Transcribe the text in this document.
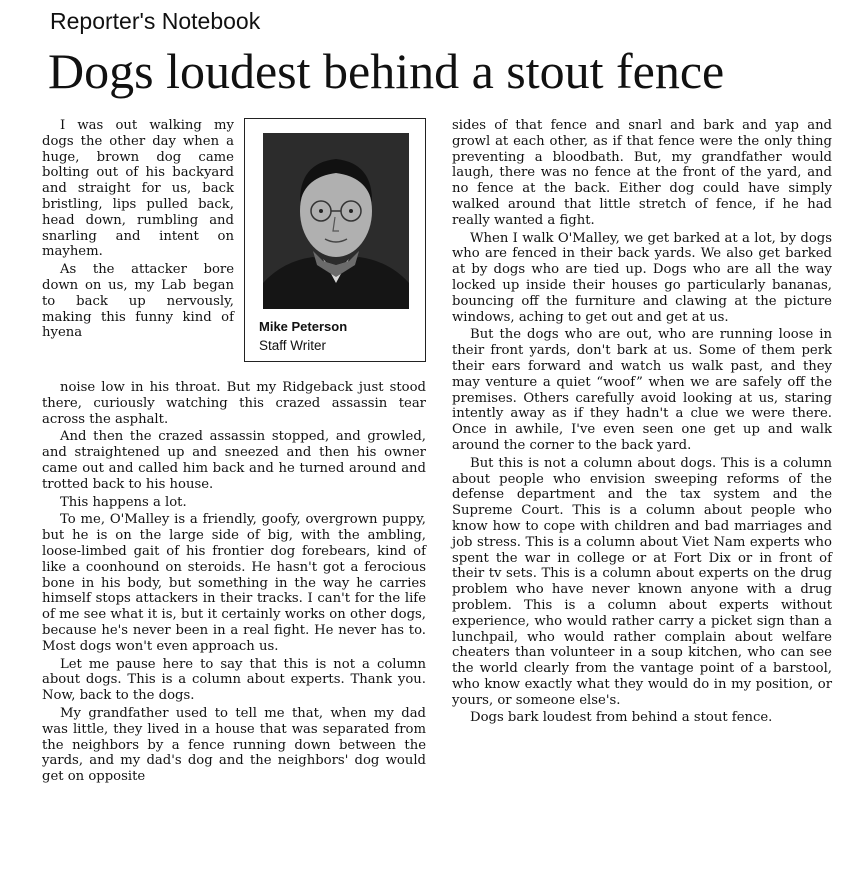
Reporter's Notebook
Dogs loudest behind a stout fence

I was out walking my dogs the other day when a huge, brown dog came bolting out of his backyard and straight for us, back bristling, lips pulled back, head down, rumbling and snarling and intent on mayhem.

As the attacker bore down on us, my Lab began to back up nervously, making this funny kind of hyena	Mike Peterson
Staff Writer

noise low in his throat. But my Ridgeback just stood there, curiously watching this crazed assassin tear across the asphalt.

And then the crazed assassin stopped, and growled, and straightened up and sneezed and then his owner came out and called him back and he turned around and trotted back to his house.

This happens a lot.

To me, O'Malley is a friendly, goofy, overgrown puppy, but he is on the large side of big, with the ambling, loose-limbed gait of his frontier dog forebears, kind of like a coonhound on steroids. He hasn't got a ferocious bone in his body, but something in the way he carries himself stops attackers in their tracks. I can't for the life of me see what it is, but it certainly works on other dogs, because he's never been in a real fight. He never has to. Most dogs won't even approach us.

Let me pause here to say that this is not a column about dogs. This is a column about experts. Thank you. Now, back to the dogs.

My grandfather used to tell me that, when my dad was little, they lived in a house that was separated from the neighbors by a fence running down between the yards, and my dad's dog and the neighbors' dog would get on opposite

sides of that fence and snarl and bark and yap and growl at each other, as if that fence were the only thing preventing a bloodbath. But, my grandfather would laugh, there was no fence at the front of the yard, and no fence at the back. Either dog could have simply walked around that little stretch of fence, if he had really wanted a fight.

When I walk O'Malley, we get barked at a lot, by dogs who are fenced in their back yards. We also get barked at by dogs who are tied up. Dogs who are all the way locked up inside their houses go particularly bananas, bouncing off the furniture and clawing at the picture windows, aching to get out and get at us.

But the dogs who are out, who are running loose in their front yards, don't bark at us. Some of them perk their ears forward and watch us walk past, and they may venture a quiet “woof” when we are safely off the premises. Others carefully avoid looking at us, staring intently away as if they hadn't a clue we were there. Once in awhile, I've even seen one get up and walk around the corner to the back yard.

But this is not a column about dogs. This is a column about people who envision sweeping reforms of the defense department and the tax system and the Supreme Court. This is a column about people who know how to cope with children and bad marriages and job stress. This is a column about Viet Nam experts who spent the war in college or at Fort Dix or in front of their tv sets. This is a column about experts on the drug problem who have never known anyone with a drug problem. This is a column about experts without experience, who would rather carry a picket sign than a lunchpail, who would rather complain about welfare cheaters than volunteer in a soup kitchen, who can see the world clearly from the vantage point of a barstool, who know exactly what they would do in my position, or yours, or someone else's.

Dogs bark loudest from behind a stout fence.
